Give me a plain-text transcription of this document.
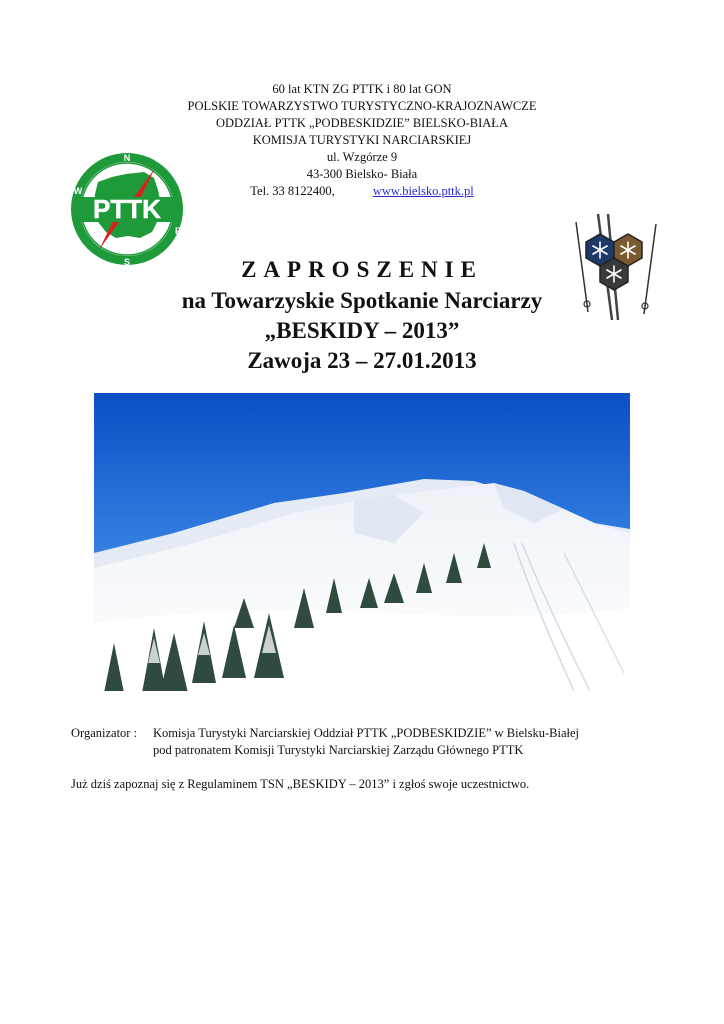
60 lat KTN ZG PTTK i 80 lat GON
POLSKIE TOWARZYSTWO TURYSTYCZNO-KRAJOZNAWCZE
ODDZIAŁ PTTK „PODBESKIDZIE” BIELSKO-BIAŁA
KOMISJA TURYSTYKI NARCIARSKIEJ
ul. Wzgórze 9
43-300 Bielsko- Biała
Tel. 33 8122400,	www.bielsko.pttk.pl
PTTK
N
S
E
W
ZAPROSZENIE
na Towarzyskie Spotkanie Narciarzy
„BESKIDY – 2013”
Zawoja 23 – 27.01.2013
Organizator : Komisja Turystyki Narciarskiej Oddział PTTK „PODBESKIDZIE” w Bielsku-Białej
pod patronatem Komisji Turystyki Narciarskiej Zarządu Głównego PTTK
Już dziś zapoznaj się z Regulaminem TSN „BESKIDY – 2013” i zgłoś swoje uczestnictwo.
